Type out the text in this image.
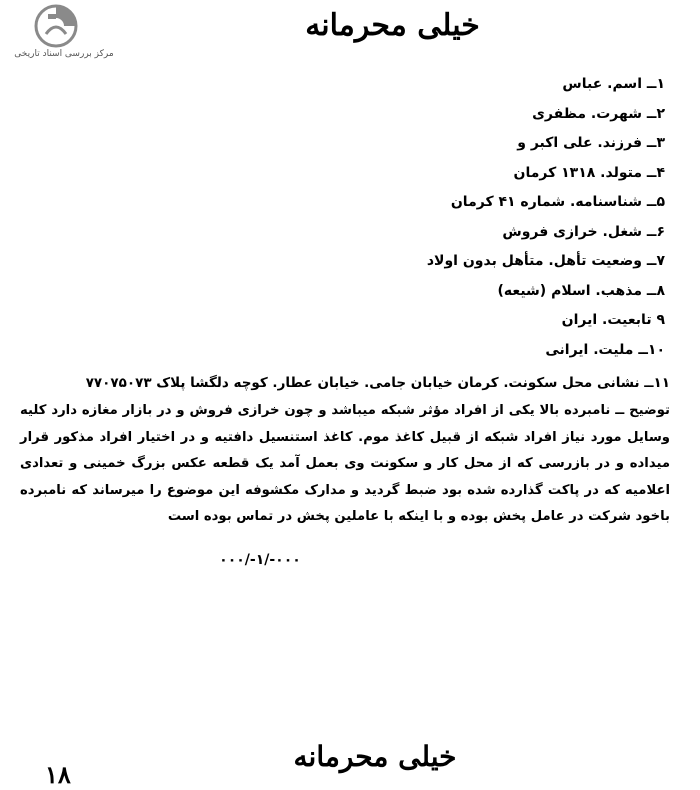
مرکز بررسی اسناد تاریخی
خیلی محرمانه
۱ــ اسم. عباس
۲ــ شهرت. مظفری
۳ــ فرزند. علی اکبر و
۴ــ متولد. ۱۳۱۸ کرمان
۵ــ شناسنامه. شماره ۴۱ کرمان
۶ــ شغل. خرازی فروش
۷ــ وضعیت تأهل. متأهل بدون اولاد
۸ــ مذهب. اسلام (شیعه)
۹ تابعیت. ایران
۱۰ــ ملیت. ایرانی
۱۱ــ نشانی محل سکونت. کرمان خیابان جامی. خیابان عطار. کوچه دلگشا پلاک ۷۷۰۷۵۰۷۳
توضیح ــ نامبرده بالا یکی از افراد مؤثر شبکه میباشد و چون خرازی فروش و در بازار مغازه دارد کلیه وسایل مورد نیاز افراد شبکه از قبیل کاغذ موم. کاغذ استنسیل دافتیه و در اختیار افراد مذکور قرار میداده و در بازرسی که از محل کار و سکونت وی بعمل آمد یک قطعه عکس بزرگ خمینی و تعدادی اعلامیه که در پاکت گذارده شده بود ضبط گردید و مدارک مکشوفه این موضوع را میرساند که نامبرده باخود شرکت در عامل پخش بوده و با اینکه با عاملین پخش در تماس بوده است
۰۰۰/-۱/-۰۰۰
خیلی محرمانه
۱۸
